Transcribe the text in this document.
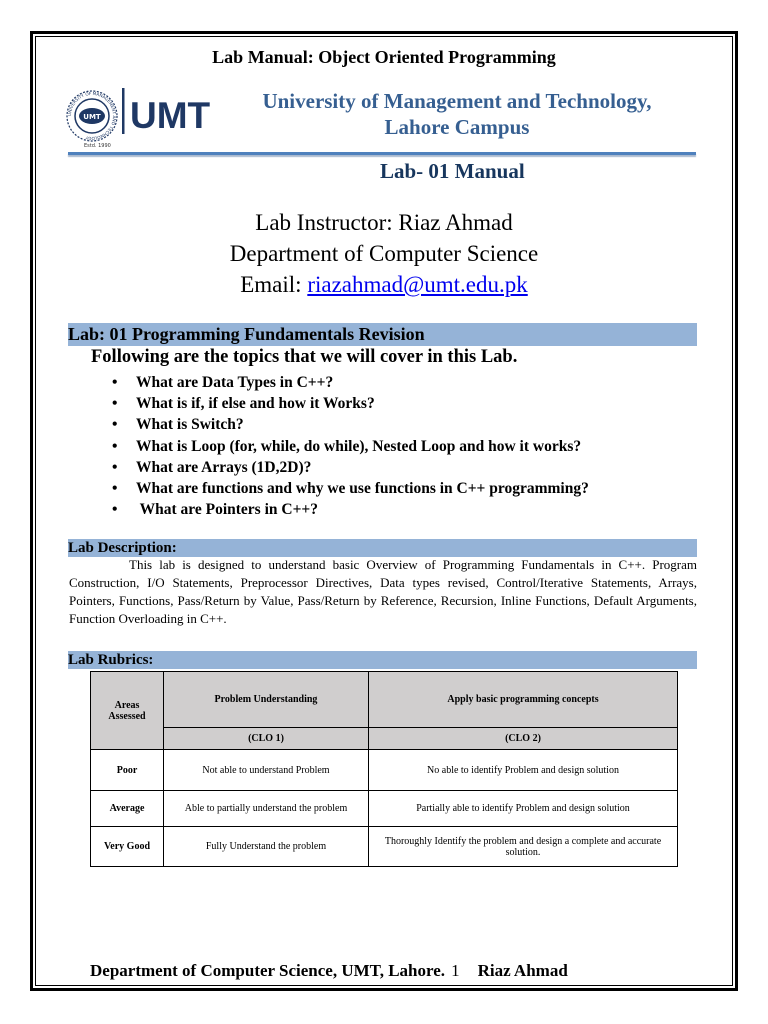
Lab Manual: Object Oriented Programming
UNIVERSITY OF MANAGEMENT AND TECHNOLOGY
UMT
Estd. 1990
UMT	University of Management and Technology,
Lahore Campus
Lab- 01 Manual
Lab Instructor: Riaz Ahmad
Department of Computer Science
Email: riazahmad@umt.edu.pk
Lab: 01 Programming Fundamentals Revision
Following are the topics that we will cover in this Lab.
• What are Data Types in C++?
• What is if, if else and how it Works?
• What is Switch?
• What is Loop (for, while, do while), Nested Loop and how it works?
• What are Arrays (1D,2D)?
• What are functions and why we use functions in C++ programming?
•  What are Pointers in C++?
Lab Description:
This lab is designed to understand basic Overview of Programming Fundamentals in C++. Program Construction, I/O Statements, Preprocessor Directives, Data types revised, Control/Iterative Statements, Arrays, Pointers, Functions, Pass/Return by Value, Pass/Return by Reference, Recursion, Inline Functions, Default Arguments, Function Overloading in C++.
Lab Rubrics:
Areas Assessed	Problem Understanding	Apply basic programming concepts
	(CLO 1)	(CLO 2)
Poor	Not able to understand Problem	No able to identify Problem and design solution
Average	Able to partially understand the problem	Partially able to identify Problem and design solution
Very Good	Fully Understand the problem	Thoroughly Identify the problem and design a complete and accurate solution.
Department of Computer Science, UMT, Lahore. 1 Riaz Ahmad
